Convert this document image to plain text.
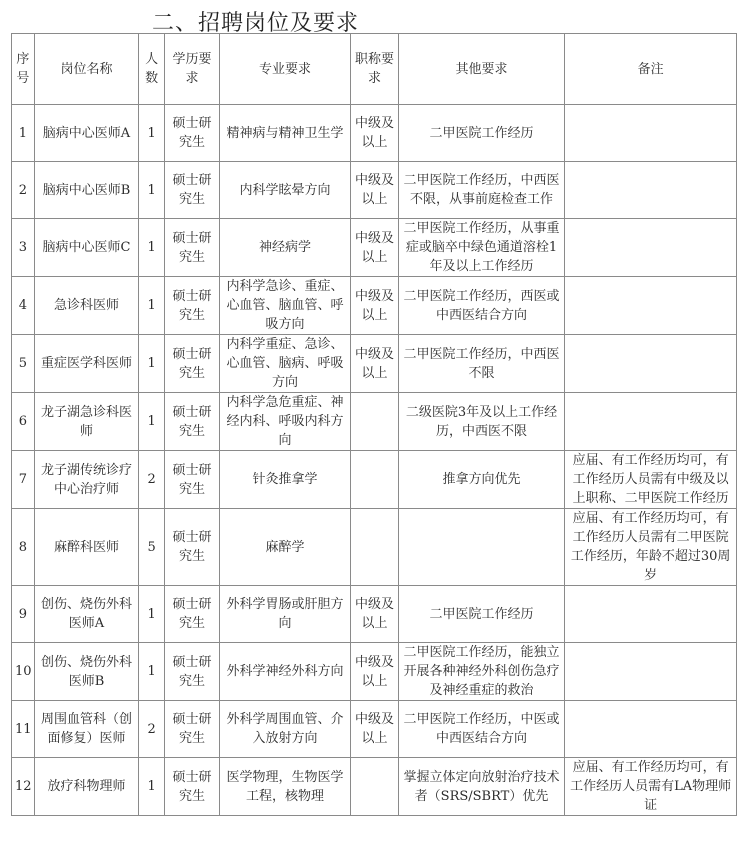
二、招聘岗位及要求
序号	岗位名称	人数	学历要求	专业要求	职称要求	其他要求	备注
1	脑病中心医师A	1	硕士研究生	精神病与精神卫生学	中级及以上	二甲医院工作经历	
2	脑病中心医师B	1	硕士研究生	内科学眩晕方向	中级及以上	二甲医院工作经历，中西医不限，从事前庭检查工作	
3	脑病中心医师C	1	硕士研究生	神经病学	中级及以上	二甲医院工作经历，从事重症或脑卒中绿色通道溶栓1年及以上工作经历	
4	急诊科医师	1	硕士研究生	内科学急诊、重症、心血管、脑血管、呼吸方向	中级及以上	二甲医院工作经历，西医或中西医结合方向	
5	重症医学科医师	1	硕士研究生	内科学重症、急诊、心血管、脑病、呼吸方向	中级及以上	二甲医院工作经历，中西医不限	
6	龙子湖急诊科医师	1	硕士研究生	内科学急危重症、神经内科、呼吸内科方向		二级医院3年及以上工作经历，中西医不限	
7	龙子湖传统诊疗中心治疗师	2	硕士研究生	针灸推拿学		推拿方向优先	应届、有工作经历均可，有工作经历人员需有中级及以上职称、二甲医院工作经历
8	麻醉科医师	5	硕士研究生	麻醉学			应届、有工作经历均可，有工作经历人员需有二甲医院工作经历，年龄不超过30周岁
9	创伤、烧伤外科医师A	1	硕士研究生	外科学胃肠或肝胆方向	中级及以上	二甲医院工作经历	
10	创伤、烧伤外科医师B	1	硕士研究生	外科学神经外科方向	中级及以上	二甲医院工作经历，能独立开展各种神经外科创伤急疗及神经重症的救治	
11	周围血管科（创面修复）医师	2	硕士研究生	外科学周围血管、介入放射方向	中级及以上	二甲医院工作经历，中医或中西医结合方向	
12	放疗科物理师	1	硕士研究生	医学物理，生物医学工程，核物理		掌握立体定向放射治疗技术者（SRS/SBRT）优先	应届、有工作经历均可，有工作经历人员需有LA物理师证
